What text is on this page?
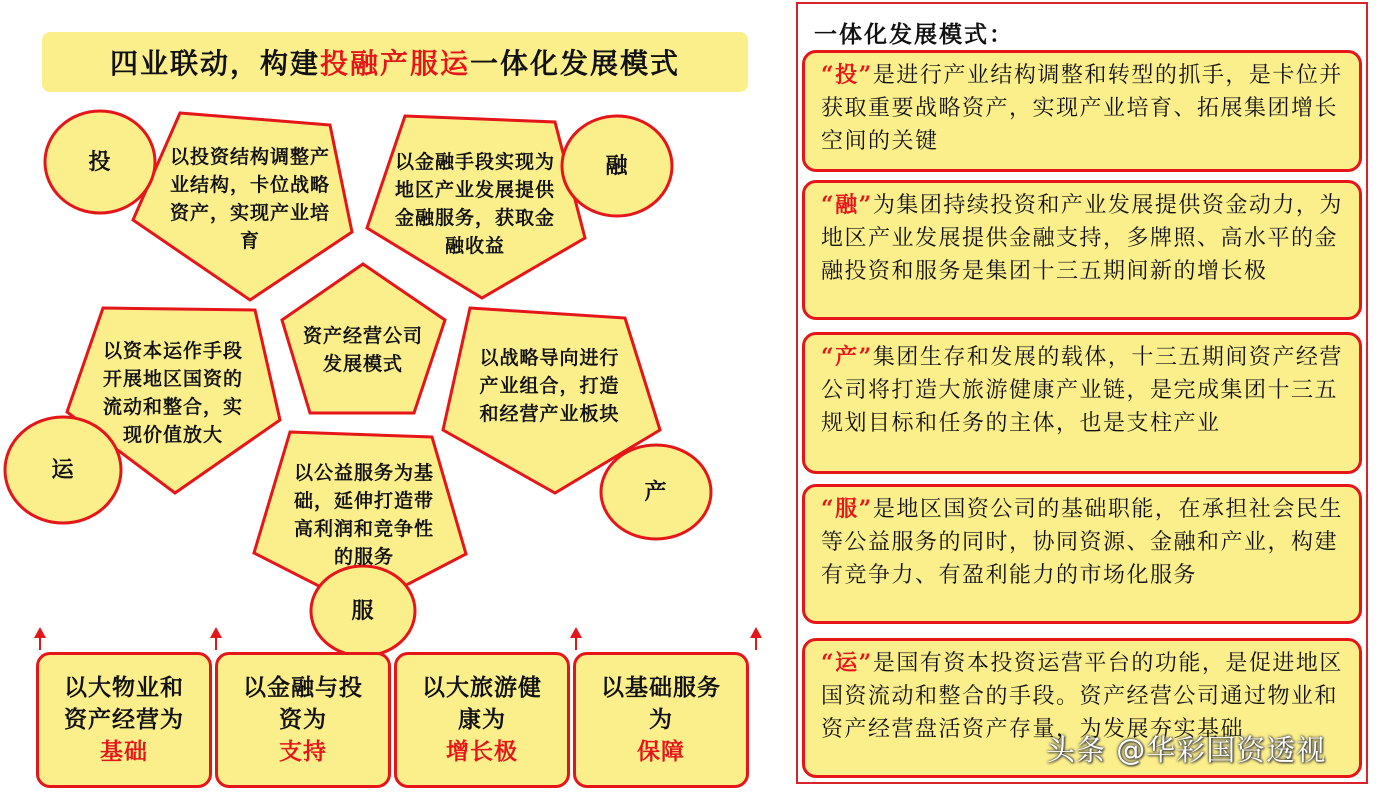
四业联动，构建 投融产服运 一体化发展模式
以投资结构调整产业结构，卡位战略资产，实现产业培育
以金融手段实现为地区产业发展提供金融服务，获取金融收益
资产经营公司发展模式
以资本运作手段开展地区国资的流动和整合，实现价值放大
以战略导向进行产业组合，打造和经营产业板块
以公益服务为基础，延伸打造带高利润和竞争性的服务
投	融
运
产
服
以大物业和
资产经营为
基础
以金融与投
资为
支持
以大旅游健
康为
增长极
以基础服务
为
保障
一体化发展模式：
“投”是进行产业结构调整和转型的抓手，是卡位并获取重要战略资产，实现产业培育、拓展集团增长空间的关键
“融”为集团持续投资和产业发展提供资金动力，为地区产业发展提供金融支持，多牌照、高水平的金融投资和服务是集团十三五期间新的增长极
“产”集团生存和发展的载体，十三五期间资产经营公司将打造大旅游健康产业链，是完成集团十三五规划目标和任务的主体，也是支柱产业
“服”是地区国资公司的基础职能，在承担社会民生等公益服务的同时，协同资源、金融和产业，构建有竞争力、有盈利能力的市场化服务
“运”是国有资本投资运营平台的功能，是促进地区国资流动和整合的手段。资产经营公司通过物业和资产经营盘活资产存量，为发展夯实基础
头条 @华彩国资透视
